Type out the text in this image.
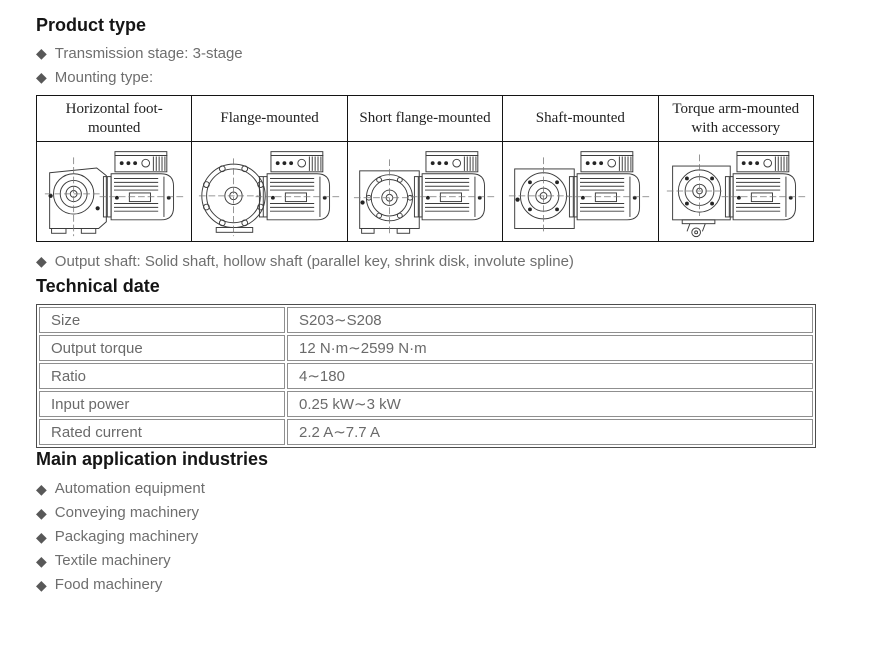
Product type
◆ Transmission stage: 3-stage
◆ Mounting type:
Horizontal foot-mounted	Flange-mounted	Short flange-mounted	Shaft-mounted	Torque arm-mounted with accessory

◆ Output shaft: Solid shaft, hollow shaft (parallel key, shrink disk, involute spline)
Technical date
Size	S203∼S208
Output torque	12 N·m∼2599 N·m
Ratio	4∼180
Input power	0.25 kW∼3 kW
Rated current	2.2 A∼7.7 A
Main application industries
◆ Automation equipment
◆ Conveying machinery
◆ Packaging machinery
◆ Textile machinery
◆ Food machinery
